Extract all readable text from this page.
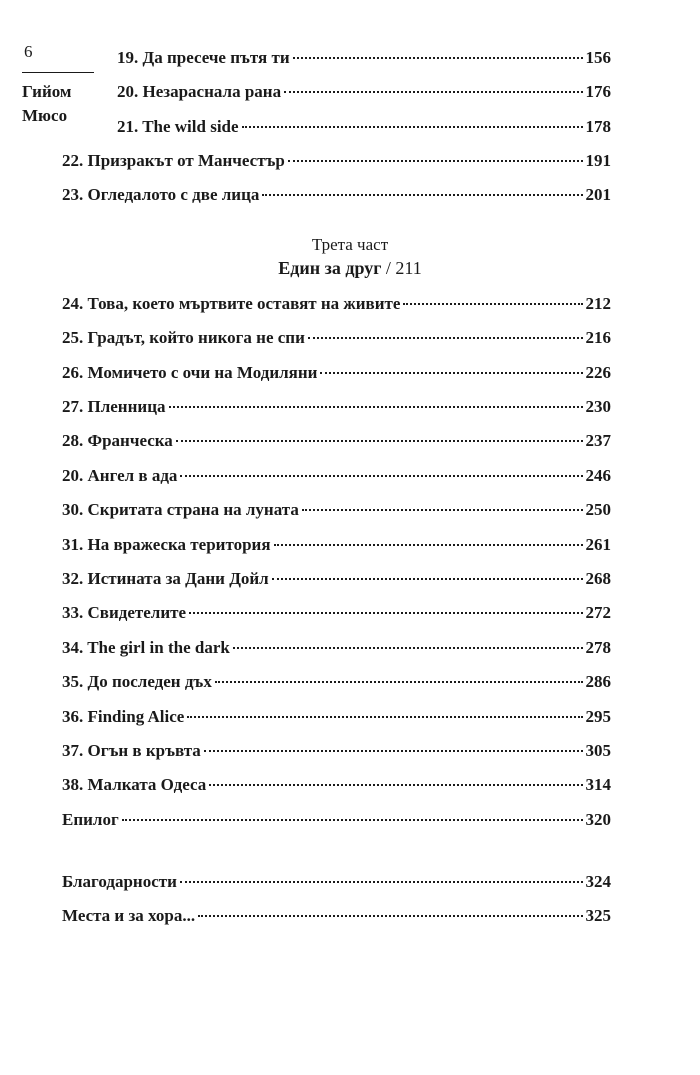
6
Гийом
Мюсо
19. Да пресече пътя ти	156
20. Незараснала рана	176
21. The wild side	178
22. Призракът от Манчестър	191
23. Огледалото с две лица	201
Трета част
Един за друг / 211
24. Това, което мъртвите оставят на живите	212
25. Градът, който никога не спи	216
26. Момичето с очи на Модиляни	226
27. Пленница	230
28. Франческа	237
20. Ангел в ада	246
30. Скритата страна на луната	250
31. На вражеска територия	261
32. Истината за Дани Дойл	268
33. Свидетелите	272
34. The girl in the dark	278
35. До последен дъх	286
36. Finding Alice	295
37. Огън в кръвта	305
38. Малката Одеса	314
Епилог	320
Благодарности	324
Места и за хора...	325
